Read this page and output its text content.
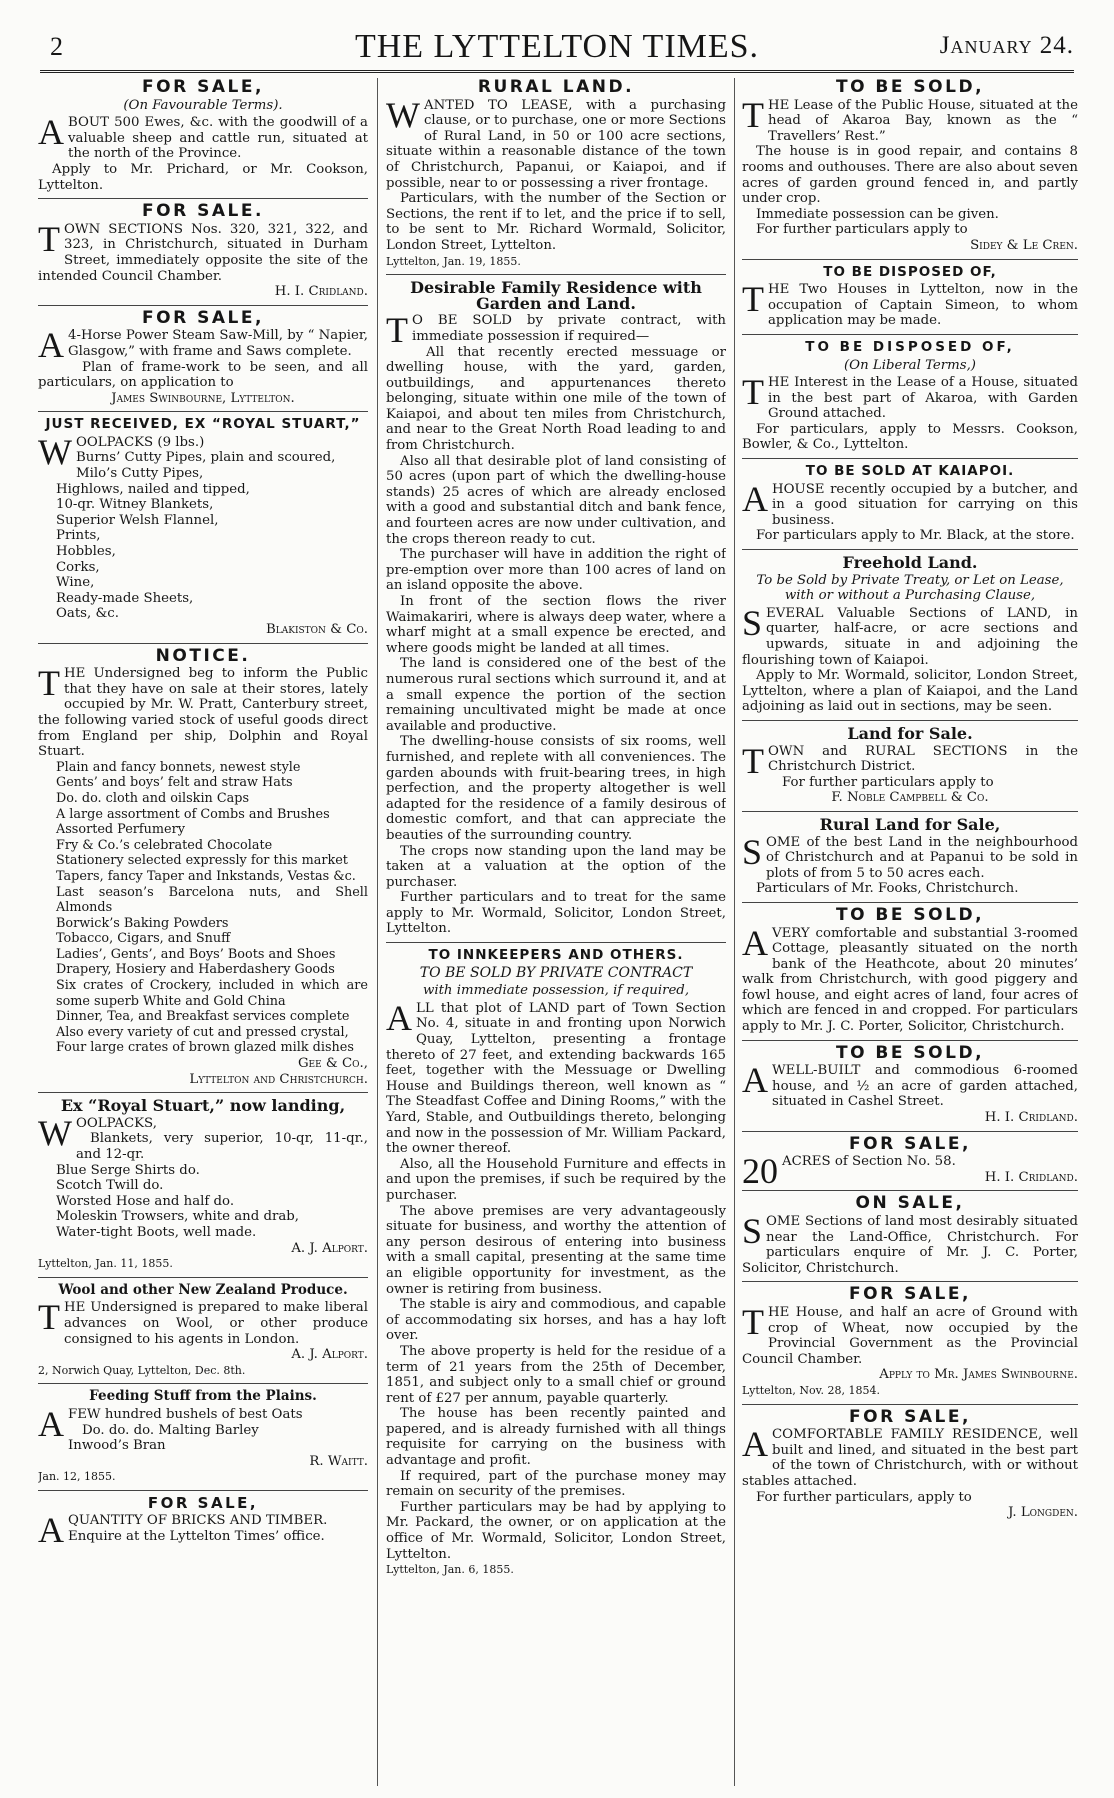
2	THE LYTTELTON TIMES.	January 24.
FOR SALE,
(On Favourable Terms).

ABOUT 500 Ewes, &c. with the goodwill of a valuable sheep and cattle run, situated at the north of the Province.

Apply to Mr. Prichard, or Mr. Cookson, Lyttelton.

FOR SALE.

TOWN SECTIONS Nos. 320, 321, 322, and 323, in Christchurch, situated in Durham Street, immediately opposite the site of the intended Council Chamber.

H. I. Cridland.

FOR SALE,

A 4-Horse Power Steam Saw-Mill, by “ Napier, Glasgow,” with frame and Saws complete.

Plan of frame-work to be seen, and all particulars, on application to

James Swinbourne, Lyttelton.

JUST RECEIVED, EX “ROYAL STUART,”

WOOLPACKS (9 lbs.)

Burns’ Cutty Pipes, plain and scoured,
Milo’s Cutty Pipes,
Highlows, nailed and tipped,
10-qr. Witney Blankets,
Superior Welsh Flannel,
Prints,
Hobbles,
Corks,
Wine,
Ready-made Sheets,
Oats, &c.

Blakiston & Co.

NOTICE.

THE Undersigned beg to inform the Public that they have on sale at their stores, lately occupied by Mr. W. Pratt, Canterbury street, the following varied stock of useful goods direct from England per ship, Dolphin and Royal Stuart.

Plain and fancy bonnets, newest style
Gents’ and boys’ felt and straw Hats
Do. do. cloth and oilskin Caps
A large assortment of Combs and Brushes
Assorted Perfumery
Fry & Co.’s celebrated Chocolate
Stationery selected expressly for this market
Tapers, fancy Taper and Inkstands, Vestas &c.
Last season’s Barcelona nuts, and Shell Almonds
Borwick’s Baking Powders
Tobacco, Cigars, and Snuff
Ladies’, Gents’, and Boys’ Boots and Shoes
Drapery, Hosiery and Haberdashery Goods
Six crates of Crockery, included in which are some superb White and Gold China
Dinner, Tea, and Breakfast services complete
Also every variety of cut and pressed crystal,
Four large crates of brown glazed milk dishes

Gee & Co.,

Lyttelton and Christchurch.

Ex “Royal Stuart,” now landing,

WOOLPACKS,

Blankets, very superior, 10-qr, 11-qr., and 12-qr.

Blue Serge Shirts do.
Scotch Twill do.
Worsted Hose and half do.
Moleskin Trowsers, white and drab,
Water-tight Boots, well made.

A. J. Alport.

Lyttelton, Jan. 11, 1855.

Wool and other New Zealand Produce.

THE Undersigned is prepared to make liberal advances on Wool, or other produce consigned to his agents in London.

A. J. Alport.

2, Norwich Quay, Lyttelton, Dec. 8th.

Feeding Stuff from the Plains.

A FEW hundred bushels of best Oats

Do. do. do. Malting Barley

Inwood’s Bran

R. Waitt.

Jan. 12, 1855.

FOR SALE,

A QUANTITY OF BRICKS AND TIMBER.

Enquire at the Lyttelton Times’ office.

RURAL LAND.

WANTED TO LEASE, with a purchasing clause, or to purchase, one or more Sections of Rural Land, in 50 or 100 acre sections, situate within a reasonable distance of the town of Christchurch, Papanui, or Kaiapoi, and if possible, near to or possessing a river frontage.

Particulars, with the number of the Section or Sections, the rent if to let, and the price if to sell, to be sent to Mr. Richard Wormald, Solicitor, London Street, Lyttelton.

Lyttelton, Jan. 19, 1855.

Desirable Family Residence with Garden and Land.

T O BE SOLD by private contract, with immediate possession if required—

All that recently erected messuage or dwelling house, with the yard, garden, outbuildings, and appurtenances thereto belonging, situate within one mile of the town of Kaiapoi, and about ten miles from Christchurch, and near to the Great North Road leading to and from Christchurch.

Also all that desirable plot of land consisting of 50 acres (upon part of which the dwelling-house stands) 25 acres of which are already enclosed with a good and substantial ditch and bank fence, and fourteen acres are now under cultivation, and the crops thereon ready to cut.

The purchaser will have in addition the right of pre-emption over more than 100 acres of land on an island opposite the above.

In front of the section flows the river Waimakariri, where is always deep water, where a wharf might at a small expence be erected, and where goods might be landed at all times.

The land is considered one of the best of the numerous rural sections which surround it, and at a small expence the portion of the section remaining uncultivated might be made at once available and productive.

The dwelling-house consists of six rooms, well furnished, and replete with all conveniences. The garden abounds with fruit-bearing trees, in high perfection, and the property altogether is well adapted for the residence of a family desirous of domestic comfort, and that can appreciate the beauties of the surrounding country.

The crops now standing upon the land may be taken at a valuation at the option of the purchaser.

Further particulars and to treat for the same apply to Mr. Wormald, Solicitor, London Street, Lyttelton.

TO INNKEEPERS AND OTHERS.
TO BE SOLD BY PRIVATE CONTRACT
with immediate possession, if required,

ALL that plot of LAND part of Town Section No. 4, situate in and fronting upon Norwich Quay, Lyttelton, presenting a frontage thereto of 27 feet, and extending backwards 165 feet, together with the Messuage or Dwelling House and Buildings thereon, well known as “ The Steadfast Coffee and Dining Rooms,” with the Yard, Stable, and Outbuildings thereto, belonging and now in the possession of Mr. William Packard, the owner thereof.

Also, all the Household Furniture and effects in and upon the premises, if such be required by the purchaser.

The above premises are very advantageously situate for business, and worthy the attention of any person desirous of entering into business with a small capital, presenting at the same time an eligible opportunity for investment, as the owner is retiring from business.

The stable is airy and commodious, and capable of accommodating six horses, and has a hay loft over.

The above property is held for the residue of a term of 21 years from the 25th of December, 1851, and subject only to a small chief or ground rent of £27 per annum, payable quarterly.

The house has been recently painted and papered, and is already furnished with all things requisite for carrying on the business with advantage and profit.

If required, part of the purchase money may remain on security of the premises.

Further particulars may be had by applying to Mr. Packard, the owner, or on application at the office of Mr. Wormald, Solicitor, London Street, Lyttelton.

Lyttelton, Jan. 6, 1855.

TO BE SOLD,

THE Lease of the Public House, situated at the head of Akaroa Bay, known as the “ Travellers’ Rest.”

The house is in good repair, and contains 8 rooms and outhouses. There are also about seven acres of garden ground fenced in, and partly under crop.

Immediate possession can be given.

For further particulars apply to

Sidey & Le Cren.

TO BE DISPOSED OF,

THE Two Houses in Lyttelton, now in the occupation of Captain Simeon, to whom application may be made.

TO BE DISPOSED OF,
(On Liberal Terms,)

THE Interest in the Lease of a House, situated in the best part of Akaroa, with Garden Ground attached.

For particulars, apply to Messrs. Cookson, Bowler, & Co., Lyttelton.

TO BE SOLD AT KAIAPOI.

A HOUSE recently occupied by a butcher, and in a good situation for carrying on this business.

For particulars apply to Mr. Black, at the store.

Freehold Land.
To be Sold by Private Treaty, or Let on Lease, with or without a Purchasing Clause,

SEVERAL Valuable Sections of LAND, in quarter, half-acre, or acre sections and upwards, situate in and adjoining the flourishing town of Kaiapoi.

Apply to Mr. Wormald, solicitor, London Street, Lyttelton, where a plan of Kaiapoi, and the Land adjoining as laid out in sections, may be seen.

Land for Sale.

TOWN and RURAL SECTIONS in the Christchurch District.

For further particulars apply to

F. Noble Campbell & Co.

Rural Land for Sale,

SOME of the best Land in the neighbourhood of Christchurch and at Papanui to be sold in plots of from 5 to 50 acres each.

Particulars of Mr. Fooks, Christchurch.

TO BE SOLD,

A VERY comfortable and substantial 3-roomed Cottage, pleasantly situated on the north bank of the Heathcote, about 20 minutes’ walk from Christchurch, with good piggery and fowl house, and eight acres of land, four acres of which are fenced in and cropped. For particulars apply to Mr. J. C. Porter, Solicitor, Christchurch.

TO BE SOLD,

A WELL-BUILT and commodious 6-roomed house, and ½ an acre of garden attached, situated in Cashel Street.

H. I. Cridland.

FOR SALE,

20 ACRES of Section No. 58.

H. I. Cridland.

ON SALE,

SOME Sections of land most desirably situated near the Land-Office, Christchurch. For particulars enquire of Mr. J. C. Porter, Solicitor, Christchurch.

FOR SALE,

THE House, and half an acre of Ground with crop of Wheat, now occupied by the Provincial Government as the Provincial Council Chamber.

Apply to Mr. James Swinbourne.

Lyttelton, Nov. 28, 1854.

FOR SALE,

A COMFORTABLE FAMILY RESIDENCE, well built and lined, and situated in the best part of the town of Christchurch, with or without stables attached.

For further particulars, apply to

J. Longden.
